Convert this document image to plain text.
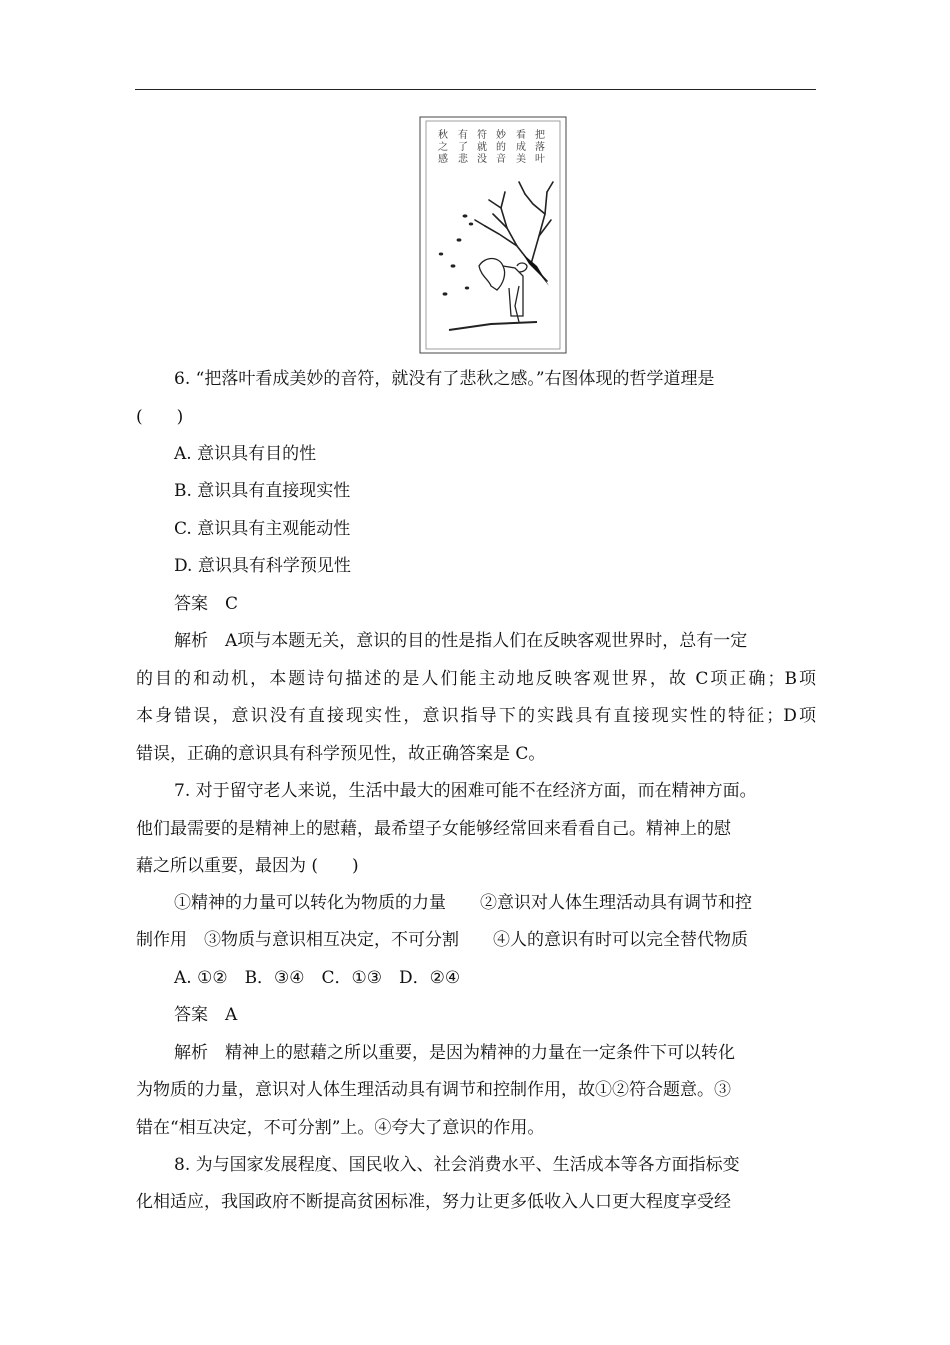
把落叶
看成美
妙的音
符就没
有了悲
秋之感
6. “把落叶看成美妙的音符，就没有了悲秋之感。”右图体现的哲学道理是
(　　)
A. 意识具有目的性
B. 意识具有直接现实性
C. 意识具有主观能动性
D. 意识具有科学预见性
答案　C
解析　A项与本题无关，意识的目的性是指人们在反映客观世界时，总有一定
的目的和动机，本题诗句描述的是人们能主动地反映客观世界，故 C项正确；B项
本身错误，意识没有直接现实性，意识指导下的实践具有直接现实性的特征；D项
错误，正确的意识具有科学预见性，故正确答案是 C。
7. 对于留守老人来说，生活中最大的困难可能不在经济方面，而在精神方面。
他们最需要的是精神上的慰藉，最希望子女能够经常回来看看自己。精神上的慰
藉之所以重要，最因为 (　　)
①精神的力量可以转化为物质的力量　　②意识对人体生理活动具有调节和控
制作用　③物质与意识相互决定，不可分割　　④人的意识有时可以完全替代物质
A. ①②　B．③④　C．①③　D．②④
答案　A
解析　精神上的慰藉之所以重要，是因为精神的力量在一定条件下可以转化
为物质的力量，意识对人体生理活动具有调节和控制作用，故①②符合题意。③
错在“相互决定，不可分割”上。④夸大了意识的作用。
8. 为与国家发展程度、国民收入、社会消费水平、生活成本等各方面指标变
化相适应，我国政府不断提高贫困标准，努力让更多低收入人口更大程度享受经
